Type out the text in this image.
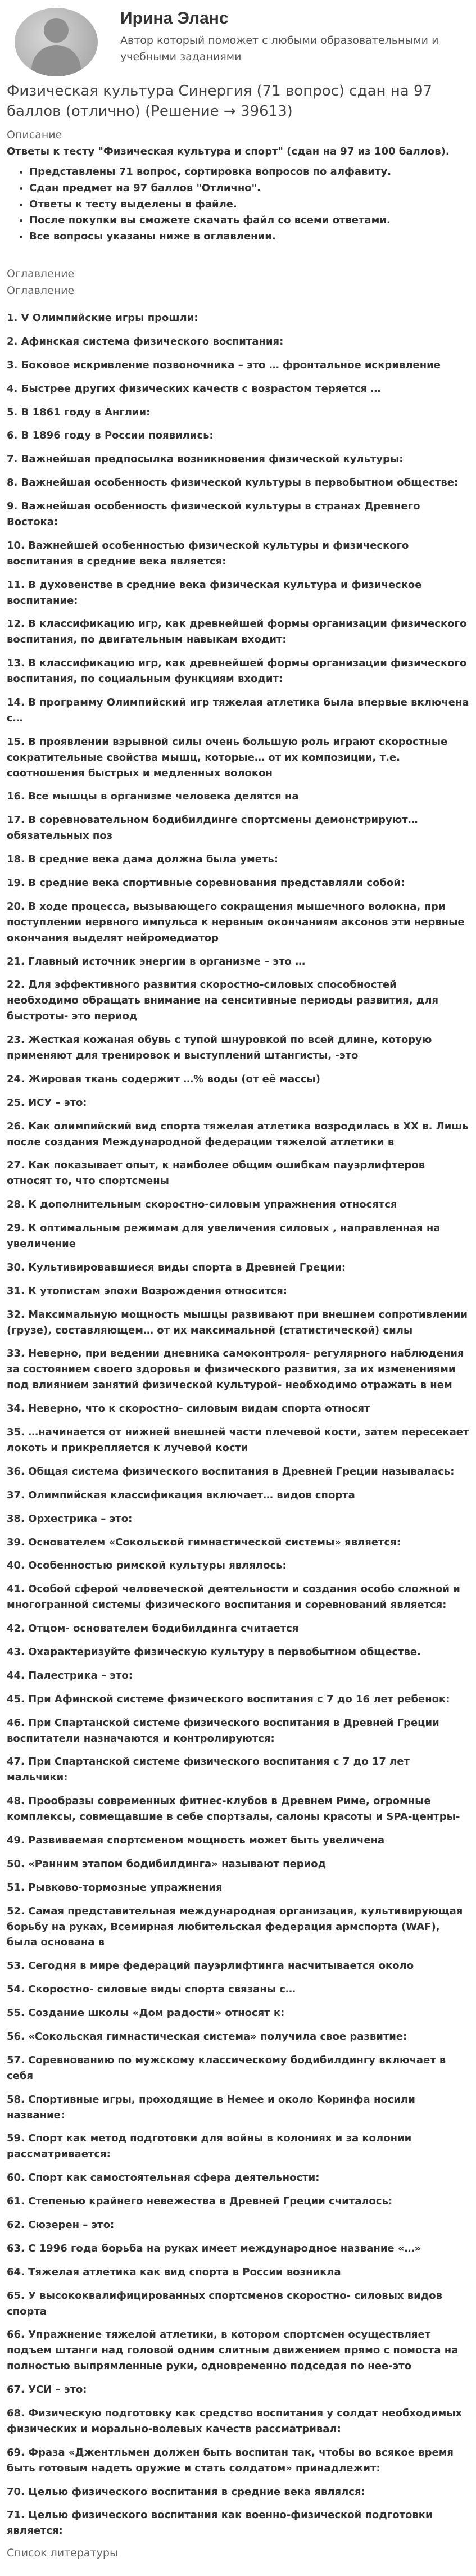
Ирина Эланс
Автор который поможет с любыми образовательными и учебными заданиями
Физическая культура Синергия (71 вопрос) сдан на 97 баллов (отлично) (Решение → 39613)
Описание
Ответы к тесту "Физическая культура и спорт" (сдан на 97 из 100 баллов).
• Представлены 71 вопрос, сортировка вопросов по алфавиту.
• Сдан предмет на 97 баллов "Отлично".
• Ответы к тесту выделены в файле.
• После покупки вы сможете скачать файл со всеми ответами.
• Все вопросы указаны ниже в оглавлении.
Оглавление
Оглавление
1. V Олимпийские игры прошли:
2. Афинская система физического воспитания:
3. Боковое искривление позвоночника – это … фронтальное искривление
4. Быстрее других физических качеств с возрастом теряется …
5. В 1861 году в Англии:
6. В 1896 году в России появились:
7. Важнейшая предпосылка возникновения физической культуры:
8. Важнейшая особенность физической культуры в первобытном обществе:
9. Важнейшая особенность физической культуры в странах Древнего Востока:
10. Важнейшей особенностью физической культуры и физического воспитания в средние века является:
11. В духовенстве в средние века физическая культура и физическое воспитание:
12. В классификацию игр, как древнейшей формы организации физического воспитания, по двигательным навыкам входит:
13. В классификацию игр, как древнейшей формы организации физического воспитания, по социальным функциям входит:
14. В программу Олимпийский игр тяжелая атлетика была впервые включена с…
15. В проявлении взрывной силы очень большую роль играют скоростные сократительные свойства мышц, которые… от их композиции, т.е. соотношения быстрых и медленных волокон
16. Все мышцы в организме человека делятся на
17. В соревновательном бодибилдинге спортсмены демонстрируют… обязательных поз
18. В средние века дама должна была уметь:
19. В средние века спортивные соревнования представляли собой:
20. В ходе процесса, вызывающего сокращения мышечного волокна, при поступлении нервного импульса к нервным окончаниям аксонов эти нервные окончания выделят нейромедиатор
21. Главный источник энергии в организме – это …
22. Для эффективного развития скоростно-силовых способностей необходимо обращать внимание на сенситивные периоды развития, для быстроты- это период
23. Жесткая кожаная обувь с тупой шнуровкой по всей длине, которую применяют для тренировок и выступлений штангисты, -это
24. Жировая ткань содержит …% воды (от её массы)
25. ИСУ – это:
26. Как олимпийский вид спорта тяжелая атлетика возродилась в ХХ в. Лишь после создания Международной федерации тяжелой атлетики в
27. Как показывает опыт, к наиболее общим ошибкам пауэрлифтеров относят то, что спортсмены
28. К дополнительным скоростно-силовым упражнения относятся
29. К оптимальным режимам для увеличения силовых , направленная на увеличение
30. Культивировавшиеся виды спорта в Древней Греции:
31. К утопистам эпохи Возрождения относится:
32. Максимальную мощность мышцы развивают при внешнем сопротивлении (грузе), составляющем… от их максимальной (статистической) силы
33. Неверно, при ведении дневника самоконтроля- регулярного наблюдения за состоянием своего здоровья и физического развития, за их изменениями под влиянием занятий физической культурой- необходимо отражать в нем
34. Неверно, что к скоростно- силовым видам спорта относят
35. …начинается от нижней внешней части плечевой кости, затем пересекает локоть и прикрепляется к лучевой кости
36. Общая система физического воспитания в Древней Греции называлась:
37. Олимпийская классификация включает… видов спорта
38. Орхестрика – это:
39. Основателем «Сокольской гимнастической системы» является:
40. Особенностью римской культуры являлось:
41. Особой сферой человеческой деятельности и создания особо сложной и многогранной системы физического воспитания и соревнований является:
42. Отцом- основателем бодибилдинга считается
43. Охарактеризуйте физическую культуру в первобытном обществе.
44. Палестрика – это:
45. При Афинской системе физического воспитания с 7 до 16 лет ребенок:
46. При Спартанской системе физического воспитания в Древней Греции воспитатели назначаются и контролируются:
47. При Спартанской системе физического воспитания с 7 до 17 лет мальчики:
48. Прообразы современных фитнес-клубов в Древнем Риме, огромные комплексы, совмещавшие в себе спортзалы, салоны красоты и SPA-центры-
49. Развиваемая спортсменом мощность может быть увеличена
50. «Ранним этапом бодибилдинга» называют период
51. Рывково-тормозные упражнения
52. Самая представительная международная организация, культивирующая борьбу на руках, Всемирная любительская федерация армспорта (WAF), была основана в
53. Сегодня в мире федераций пауэрлифтинга насчитывается около
54. Скоростно- силовые виды спорта связаны с…
55. Создание школы «Дом радости» относят к:
56. «Сокольская гимнастическая система» получила свое развитие:
57. Соревнованию по мужскому классическому бодибилдингу включает в себя
58. Спортивные игры, проходящие в Немее и около Коринфа носили название:
59. Спорт как метод подготовки для войны в колониях и за колонии рассматривается:
60. Спорт как самостоятельная сфера деятельности:
61. Степенью крайнего невежества в Древней Греции считалось:
62. Сюзерен – это:
63. С 1996 года борьба на руках имеет международное название «…»
64. Тяжелая атлетика как вид спорта в России возникла
65. У высококвалифицированных спортсменов скоростно- силовых видов спорта
66. Упражнение тяжелой атлетики, в котором спортсмен осуществляет подъем штанги над головой одним слитным движением прямо с помоста на полностью выпрямленные руки, одновременно подседая по нее-это
67. УСИ – это:
68. Физическую подготовку как средство воспитания у солдат необходимых физических и морально-волевых качеств рассматривал:
69. Фраза «Джентльмен должен быть воспитан так, чтобы во всякое время быть готовым надеть оружие и стать солдатом» принадлежит:
70. Целью физического воспитания в средние века являлся:
71. Целью физического воспитания как военно-физической подготовки является:
Список литературы
